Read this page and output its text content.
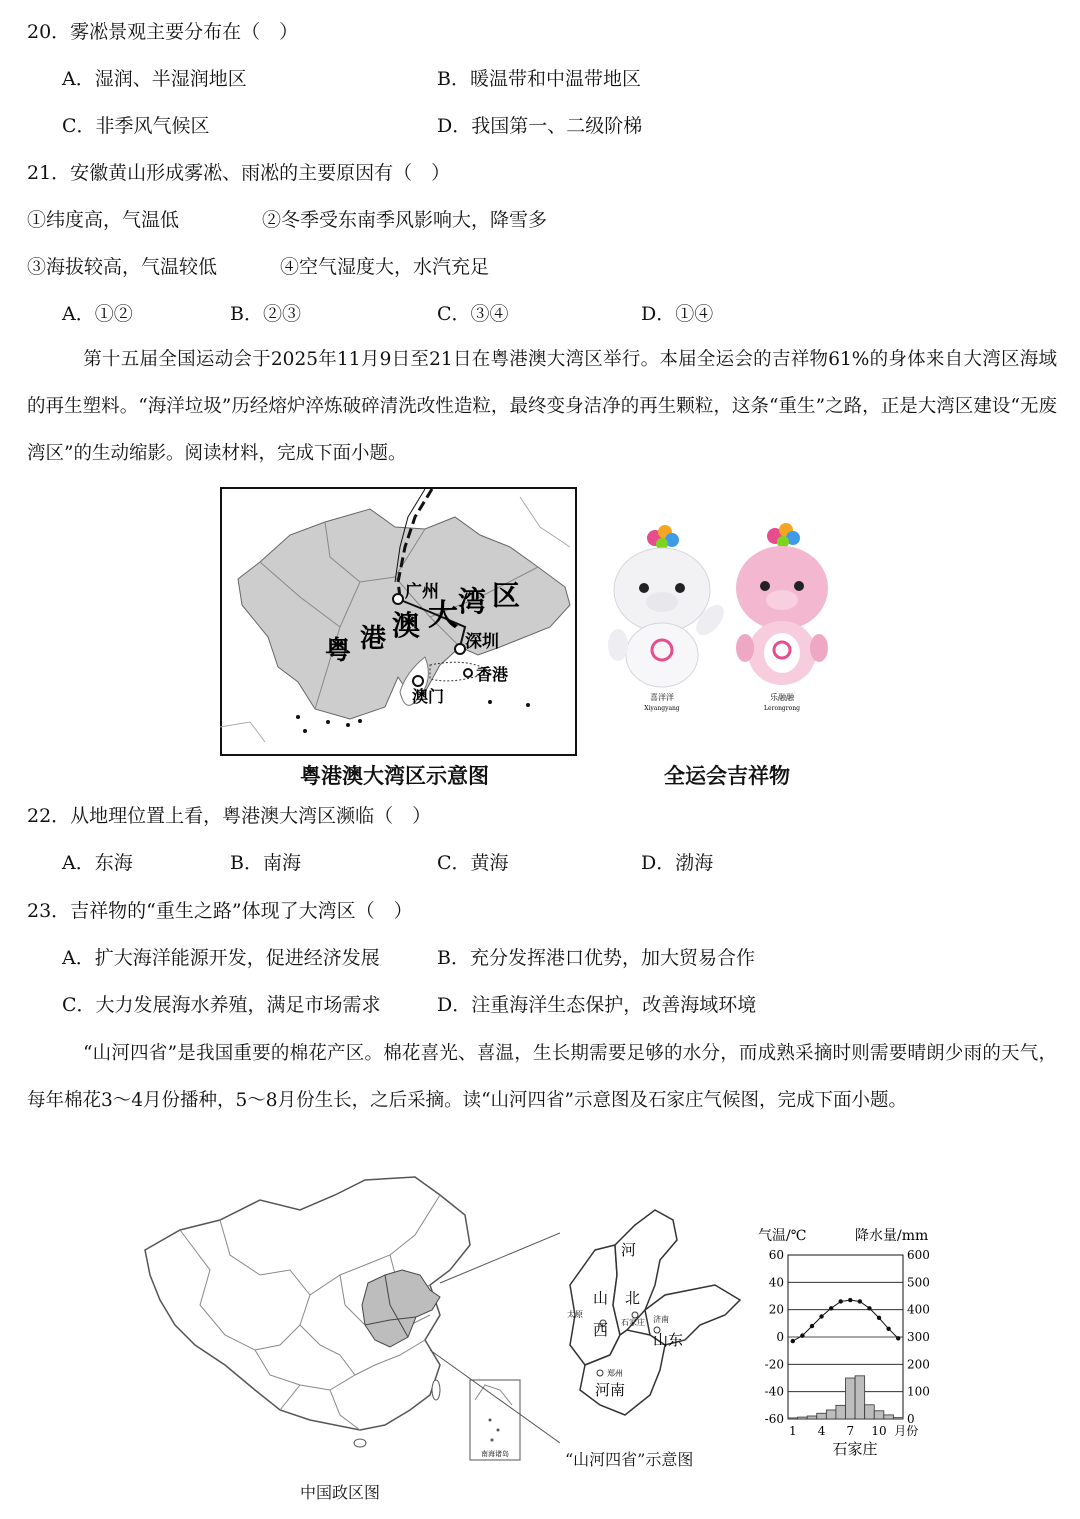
20．雾凇景观主要分布在（　）
A．湿润、半湿润地区	B．暖温带和中温带地区
C．非季风气候区	D．我国第一、二级阶梯
21．安徽黄山形成雾凇、雨凇的主要原因有（　）
①纬度高，气温低	②冬季受东南季风影响大，降雪多
③海拔较高，气温较低	④空气湿度大，水汽充足
A．①②	B．②③	C．③④	D．①④
第十五届全国运动会于2025年11月9日至21日在粤港澳大湾区举行。本届全运会的吉祥物61%的身体来自大湾区海域的再生塑料。“海洋垃圾”历经熔炉淬炼破碎清洗改性造粒，最终变身洁净的再生颗粒，这条“重生”之路，正是大湾区建设“无废湾区”的生动缩影。阅读材料，完成下面小题。
广州
深圳
香港
澳门
粤 港 澳 大 湾 区
喜洋洋
Xiyangyang
乐融融
Lerongrong
粤港澳大湾区示意图	全运会吉祥物
22．从地理位置上看，粤港澳大湾区濒临（　）
A．东海	B．南海	C．黄海	D．渤海
23．吉祥物的“重生之路”体现了大湾区（　）
A．扩大海洋能源开发，促进经济发展	B．充分发挥港口优势，加大贸易合作
C．大力发展海水养殖，满足市场需求	D．注重海洋生态保护，改善海域环境
“山河四省”是我国重要的棉花产区。棉花喜光、喜温，生长期需要足够的水分，而成熟采摘时则需要晴朗少雨的天气，每年棉花3～4月份播种，5～8月份生长，之后采摘。读“山河四省”示意图及石家庄气候图，完成下面小题。
南海诸岛
中国政区图
河
北
山
西
山东
河南
太原
石家庄 济南
郑州
“山河四省”示意图
气温/℃	降水量/mm
60
40
20
0
-20
-40
-60
600
500
400
300
200
100
0
1 4 7 10 月份
石家庄
